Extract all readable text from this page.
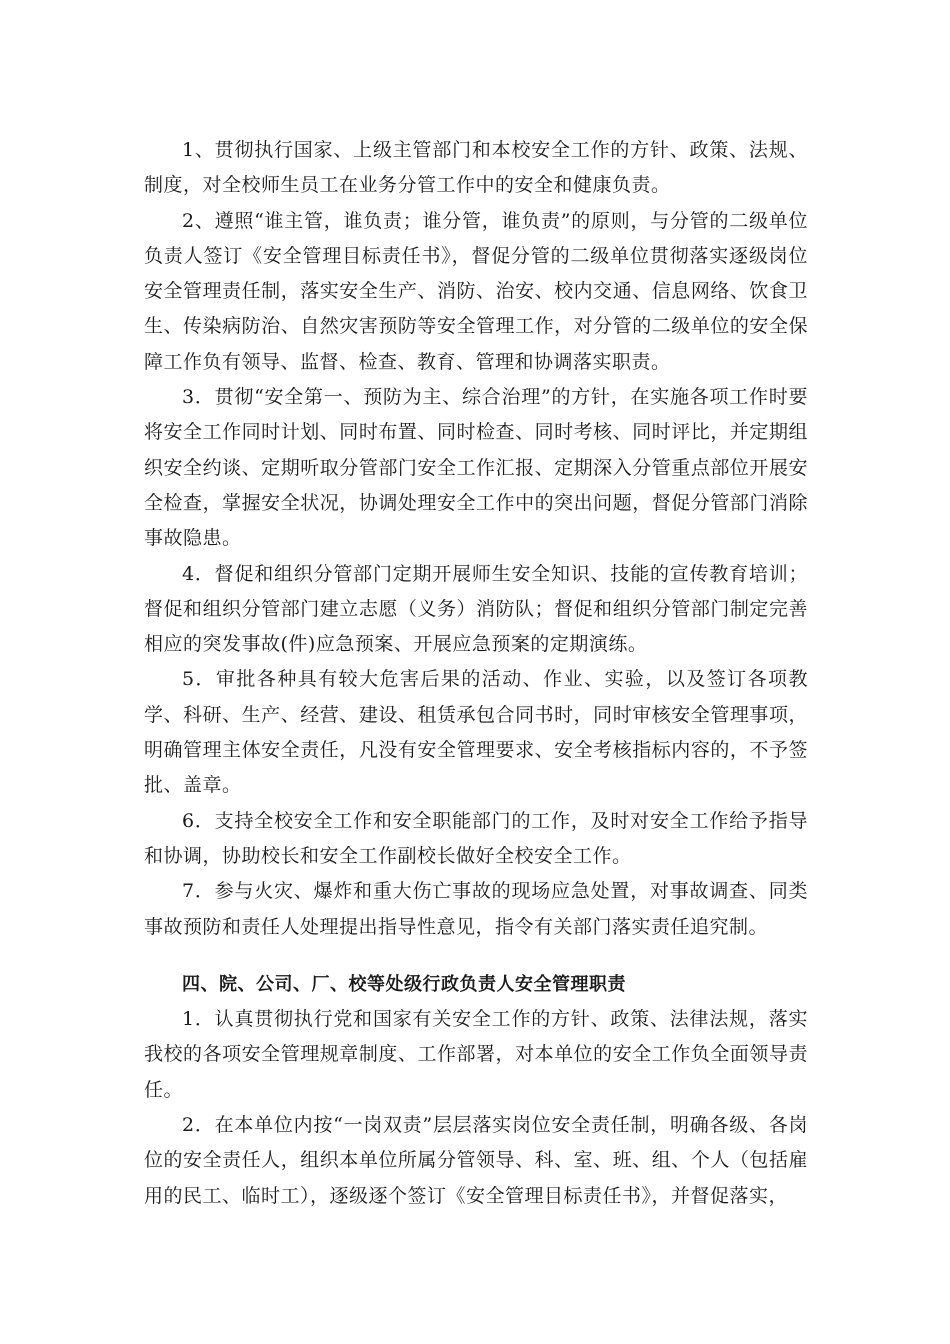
1、贯彻执行国家、上级主管部门和本校安全工作的方针、政策、法规、制度，对全校师生员工在业务分管工作中的安全和健康负责。

2、遵照“谁主管，谁负责；谁分管，谁负责”的原则，与分管的二级单位负责人签订《安全管理目标责任书》，督促分管的二级单位贯彻落实逐级岗位安全管理责任制，落实安全生产、消防、治安、校内交通、信息网络、饮食卫生、传染病防治、自然灾害预防等安全管理工作，对分管的二级单位的安全保障工作负有领导、监督、检查、教育、管理和协调落实职责。

3．贯彻“安全第一、预防为主、综合治理”的方针，在实施各项工作时要将安全工作同时计划、同时布置、同时检查、同时考核、同时评比，并定期组织安全约谈、定期听取分管部门安全工作汇报、定期深入分管重点部位开展安全检查，掌握安全状况，协调处理安全工作中的突出问题，督促分管部门消除事故隐患。

4．督促和组织分管部门定期开展师生安全知识、技能的宣传教育培训；督促和组织分管部门建立志愿（义务）消防队；督促和组织分管部门制定完善相应的突发事故(件)应急预案、开展应急预案的定期演练。

5．审批各种具有较大危害后果的活动、作业、实验，以及签订各项教学、科研、生产、经营、建设、租赁承包合同书时，同时审核安全管理事项，明确管理主体安全责任，凡没有安全管理要求、安全考核指标内容的，不予签批、盖章。

6．支持全校安全工作和安全职能部门的工作，及时对安全工作给予指导和协调，协助校长和安全工作副校长做好全校安全工作。

7．参与火灾、爆炸和重大伤亡事故的现场应急处置，对事故调查、同类事故预防和责任人处理提出指导性意见，指令有关部门落实责任追究制。

四、院、公司、厂、校等处级行政负责人安全管理职责

1．认真贯彻执行党和国家有关安全工作的方针、政策、法律法规，落实我校的各项安全管理规章制度、工作部署，对本单位的安全工作负全面领导责任。

2．在本单位内按“一岗双责”层层落实岗位安全责任制，明确各级、各岗位的安全责任人，组织本单位所属分管领导、科、室、班、组、个人（包括雇用的民工、临时工），逐级逐个签订《安全管理目标责任书》，并督促落实，
